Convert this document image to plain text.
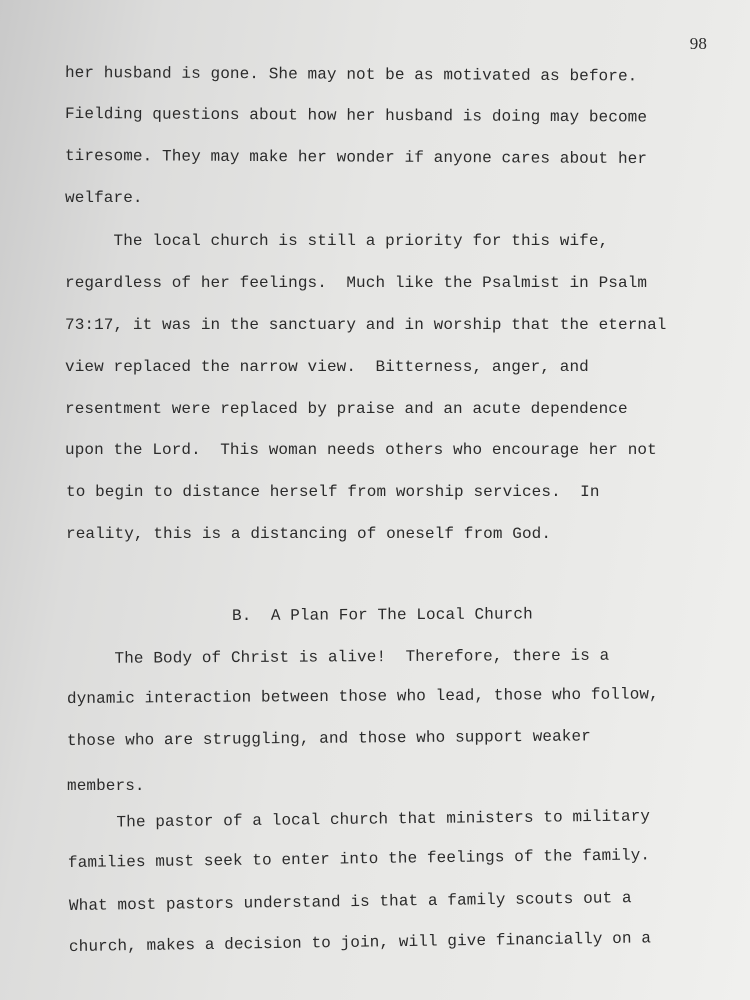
98
her husband is gone. She may not be as motivated as before.
Fielding questions about how her husband is doing may become
tiresome. They may make her wonder if anyone cares about her
welfare.
The local church is still a priority for this wife,
regardless of her feelings.  Much like the Psalmist in Psalm
73:17, it was in the sanctuary and in worship that the eternal
view replaced the narrow view.  Bitterness, anger, and
resentment were replaced by praise and an acute dependence
upon the Lord.  This woman needs others who encourage her not
to begin to distance herself from worship services.  In
reality, this is a distancing of oneself from God.
B.  A Plan For The Local Church
The Body of Christ is alive!  Therefore, there is a
dynamic interaction between those who lead, those who follow,
those who are struggling, and those who support weaker
members.
The pastor of a local church that ministers to military
families must seek to enter into the feelings of the family.
What most pastors understand is that a family scouts out a
church, makes a decision to join, will give financially on a
